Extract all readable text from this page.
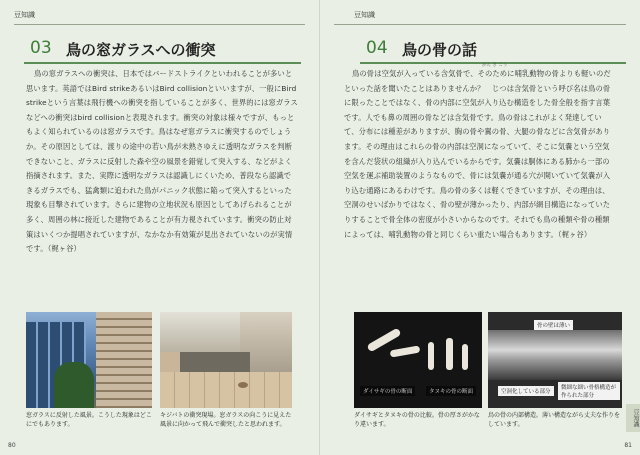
豆知識
03 鳥の窓ガラスへの衝突
鳥の窓ガラスへの衝突は、日本ではバードストライクといわれることが多いと思います。英語ではBird strikeあるいはBird collisionといいますが、一般にBird strikeという言葉は飛行機への衝突を指していることが多く、世界的には窓ガラスなどへの衝突はbird collisionと表現されます。衝突の対象は様々ですが、もっともよく知られているのは窓ガラスです。鳥はなぜ窓ガラスに衝突するのでしょうか。その原因としては、渡りの途中の若い鳥が未熟さゆえに透明なガラスを判断できないこと、ガラスに反射した森や空の風景を錯覚して突入する、などがよく指摘されます。また、実際に透明なガラスは認識しにくいため、普段なら認識できるガラスでも、猛禽類に追われた鳥がパニック状態に陥って突入するといった現象も目撃されています。さらに建物の立地状況も原因としてあげられることが多く、周囲の林に接近した建物であることが有力視されています。衝突の防止対策はいくつか提唱されていますが、なかなか有効策が見出されていないのが実情です。（梶ヶ谷）
窓ガラスに反射した風景。こうした現象はどこにでもあります。
キジバトの衝突現場。窓ガラスの向こうに見えた風景に向かって飛んで衝突したと思われます。
80
豆知識
04 鳥の骨の話
がん き こう
鳥の骨は空気が入っている含気骨で、そのために哺乳動物の骨よりも軽いのだといった話を聞いたことはありませんか？　じつは含気骨という呼び名は鳥の骨に限ったことではなく、骨の内部に空気が入り込む構造をした骨全般を指す言葉です。人でも鼻の周囲の骨などは含気骨です。鳥の骨はこれがよく発達していて、分布には種差がありますが、胸の骨や翼の骨、大腿の骨などに含気骨があります。その理由はこれらの骨の内部は空洞になっていて、そこに気嚢という空気を含んだ袋状の組織が入り込んでいるからです。気嚢は胴体にある肺から一部の空気を運ぶ補助装置のようなもので、骨には気嚢が通る穴が開いていて気嚢が入り込む通路にあるわけです。鳥の骨の多くは軽くできていますが、その理由は、空洞のせいばかりではなく、骨の壁が薄かったり、内部が網目構造になっていたりすることで骨全体の密度が小さいからなのです。それでも鳥の種類や骨の種類によっては、哺乳動物の骨と同じくらい重たい場合もあります。（梶ヶ谷）
ダイサギの骨の断面	タヌキの骨の断面
ダイサギとタヌキの骨の比較。骨の厚さがかなり違います。
骨の壁は薄い
空洞化している部分
微細な細い骨格構造が作られた部分
鳥の骨の内部構造。薄い構造ながら丈夫な作りをしています。	豆知識
81
